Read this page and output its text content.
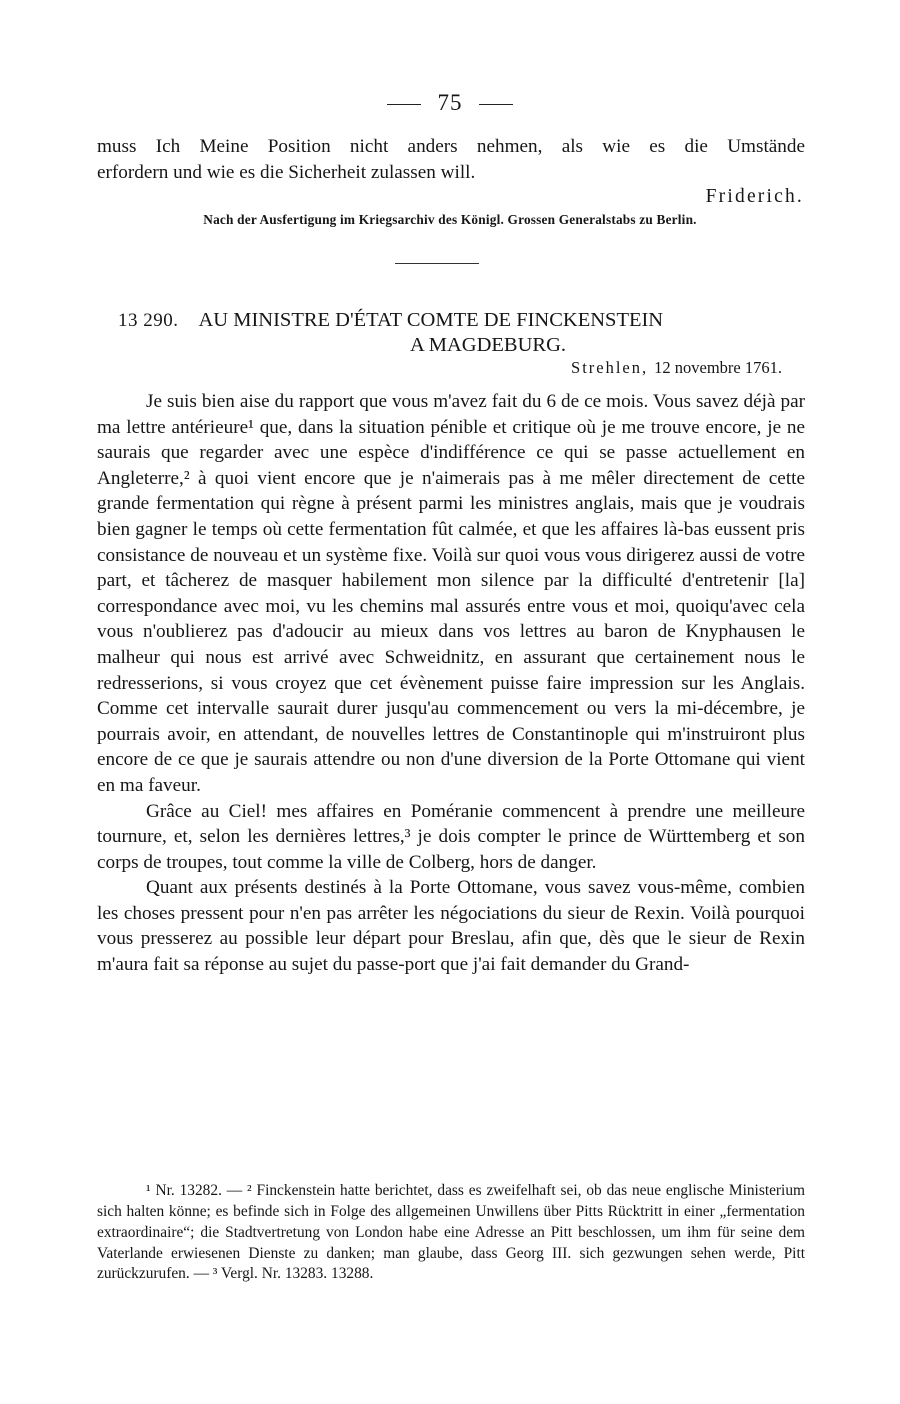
75

muss Ich Meine Position nicht anders nehmen, als wie es die Umstände

erfordern und wie es die Sicherheit zulassen will.

Friderich.
Nach der Ausfertigung im Kriegsarchiv des Königl. Grossen Generalstabs zu Berlin.
13 290. AU MINISTRE D'ÉTAT COMTE DE FINCKENSTEIN
A MAGDEBURG.
Strehlen, 12 novembre 1761.

Je suis bien aise du rapport que vous m'avez fait du 6 de ce mois. Vous savez déjà par ma lettre antérieure¹ que, dans la situation pénible et critique où je me trouve encore, je ne saurais que regarder avec une espèce d'indifférence ce qui se passe actuellement en Angleterre,² à quoi vient encore que je n'aimerais pas à me mêler directement de cette grande fermentation qui règne à présent parmi les ministres anglais, mais que je voudrais bien gagner le temps où cette fermentation fût calmée, et que les affaires là-bas eussent pris consistance de nouveau et un système fixe. Voilà sur quoi vous vous dirigerez aussi de votre part, et tâcherez de masquer habilement mon silence par la difficulté d'entretenir [la] correspondance avec moi, vu les chemins mal assurés entre vous et moi, quoiqu'avec cela vous n'oublierez pas d'adoucir au mieux dans vos lettres au baron de Knyphausen le malheur qui nous est arrivé avec Schweidnitz, en assurant que certainement nous le redresserions, si vous croyez que cet évènement puisse faire impression sur les Anglais. Comme cet intervalle saurait durer jusqu'au commencement ou vers la mi-décembre, je pourrais avoir, en attendant, de nouvelles lettres de Constantinople qui m'instruiront plus encore de ce que je saurais attendre ou non d'une diversion de la Porte Ottomane qui vient en ma faveur.

Grâce au Ciel! mes affaires en Poméranie commencent à prendre une meilleure tournure, et, selon les dernières lettres,³ je dois compter le prince de Württemberg et son corps de troupes, tout comme la ville de Colberg, hors de danger.

Quant aux présents destinés à la Porte Ottomane, vous savez vous-même, combien les choses pressent pour n'en pas arrêter les négociations du sieur de Rexin. Voilà pourquoi vous presserez au possible leur départ pour Breslau, afin que, dès que le sieur de Rexin m'aura fait sa réponse au sujet du passe-port que j'ai fait demander du Grand-

¹ Nr. 13282. — ² Finckenstein hatte berichtet, dass es zweifelhaft sei, ob das neue englische Ministerium sich halten könne; es befinde sich in Folge des allgemeinen Unwillens über Pitts Rücktritt in einer „fermentation extraordinaire“; die Stadtvertretung von London habe eine Adresse an Pitt beschlossen, um ihm für seine dem Vaterlande erwiesenen Dienste zu danken; man glaube, dass Georg III. sich gezwungen sehen werde, Pitt zurückzurufen. — ³ Vergl. Nr. 13283. 13288.
